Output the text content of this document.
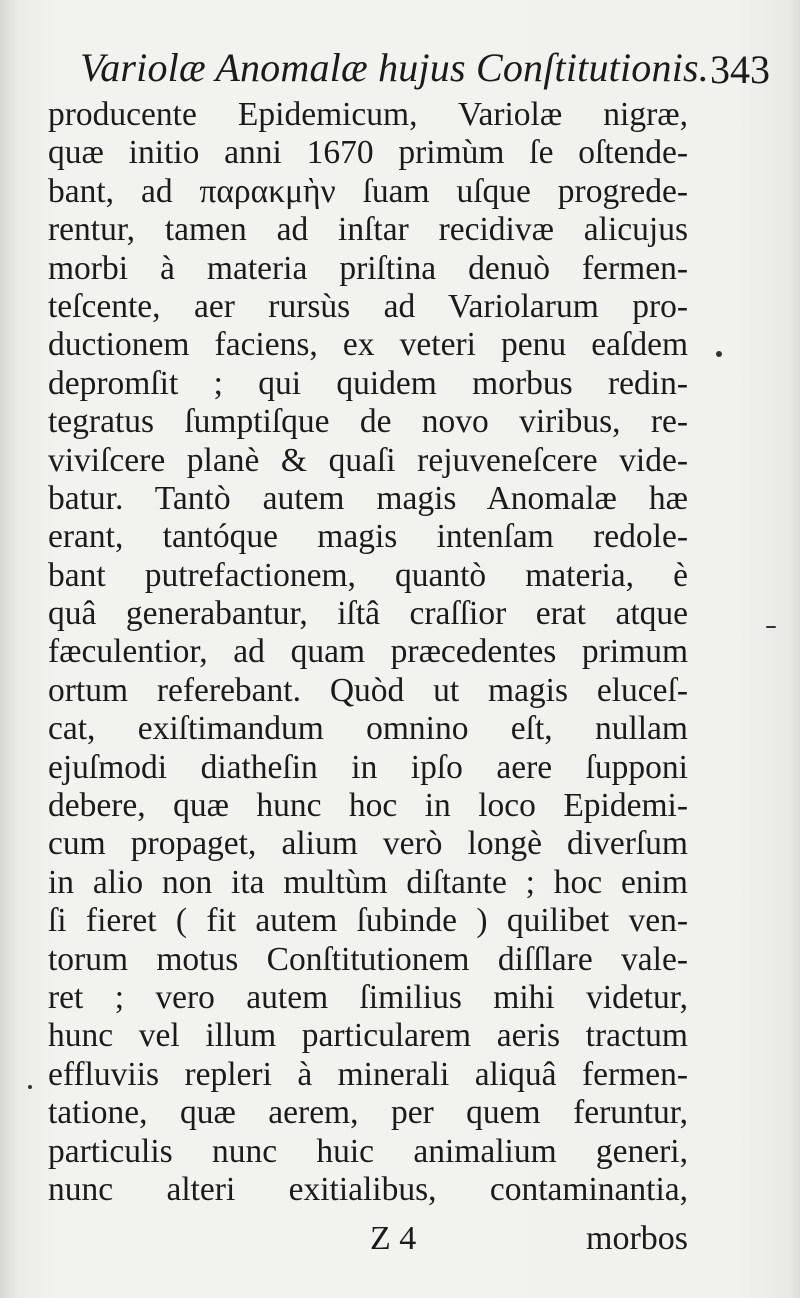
Variolæ Anomalæ hujus Conſtitutionis. 343
producente Epidemicum, Variolæ nigræ,
quæ initio anni 1670 primùm ſe oſtende-
bant, ad παρακμὴν ſuam uſque progrede-
rentur, tamen ad inſtar recidivæ alicujus
morbi à materia priſtina denuò fermen-
teſcente, aer rursùs ad Variolarum pro-
ductionem faciens, ex veteri penu eaſdem
depromſit ; qui quidem morbus redin-
tegratus ſumptiſque de novo viribus, re-
viviſcere planè & quaſi rejuveneſcere vide-
batur. Tantò autem magis Anomalæ hæ
erant, tantóque magis intenſam redole-
bant putrefactionem, quantò materia, è
quâ generabantur, iſtâ craſſior erat atque
fæculentior, ad quam præcedentes primum
ortum referebant. Quòd ut magis eluceſ-
cat, exiſtimandum omnino eſt, nullam
ejuſmodi diatheſin in ipſo aere ſupponi
debere, quæ hunc hoc in loco Epidemi-
cum propaget, alium verò longè diverſum
in alio non ita multùm diſtante ; hoc enim
ſi fieret ( fit autem ſubinde ) quilibet ven-
torum motus Conſtitutionem diſſlare vale-
ret ; vero autem ſimilius mihi videtur,
hunc vel illum particularem aeris tractum
effluviis repleri à minerali aliquâ fermen-
tatione, quæ aerem, per quem feruntur,
particulis nunc huic animalium generi,
nunc alteri exitialibus, contaminantia,
Z 4	morbos
